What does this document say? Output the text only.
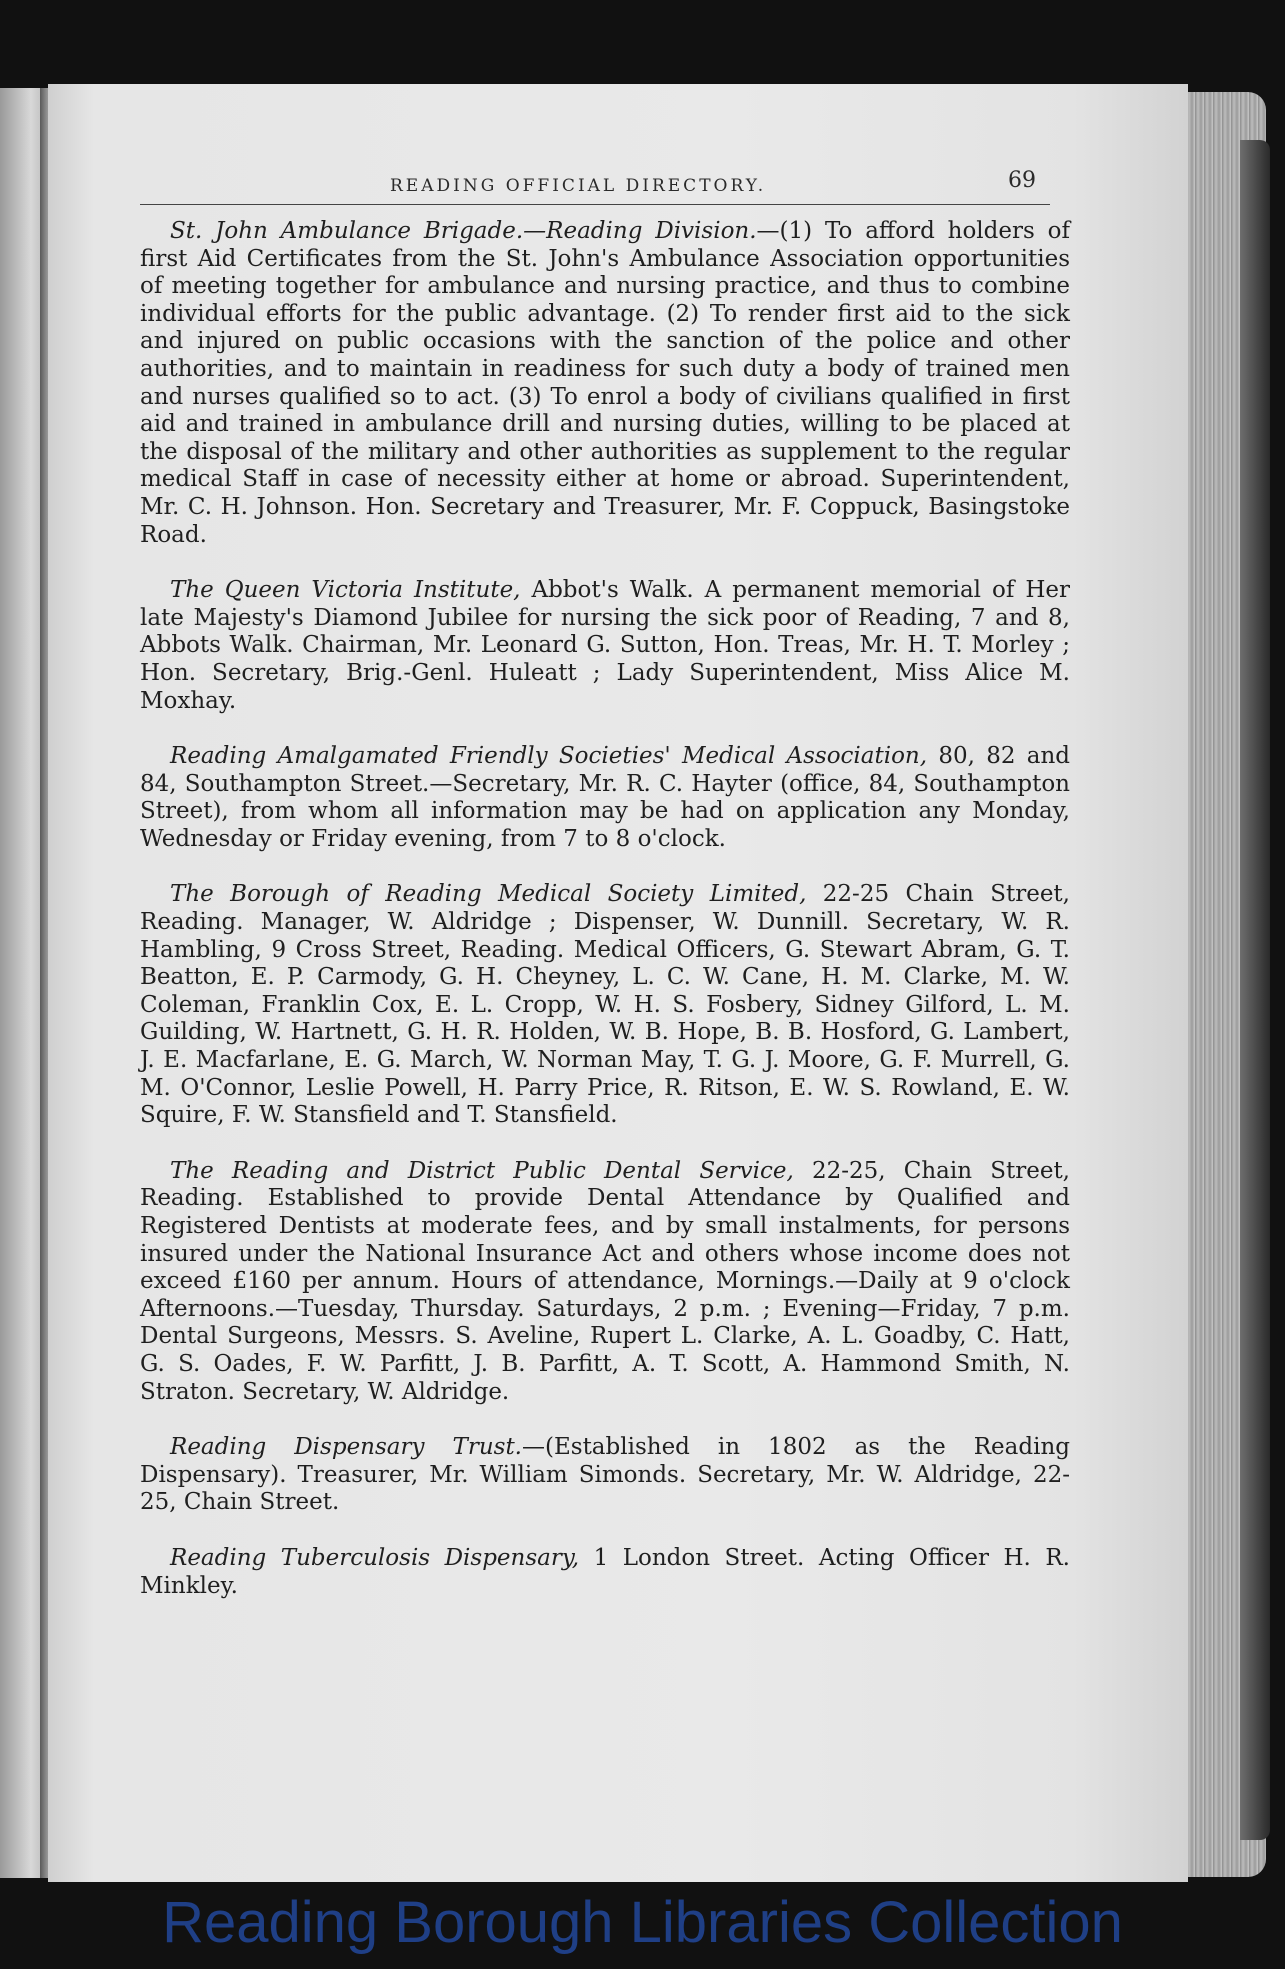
READING OFFICIAL DIRECTORY.	69

St. John Ambulance Brigade.—Reading Division.—(1) To afford holders of first Aid Certificates from the St. John's Ambulance Association opportunities of meeting together for ambulance and nursing practice, and thus to combine individual efforts for the public advantage. (2) To render first aid to the sick and injured on public occasions with the sanction of the police and other authorities, and to maintain in readiness for such duty a body of trained men and nurses qualified so to act. (3) To enrol a body of civilians qualified in first aid and trained in ambulance drill and nursing duties, willing to be placed at the disposal of the military and other authorities as supplement to the regular medical Staff in case of necessity either at home or abroad. Superintendent, Mr. C. H. Johnson. Hon. Secretary and Treasurer, Mr. F. Coppuck, Basingstoke Road.

The Queen Victoria Institute, Abbot's Walk. A permanent memorial of Her late Majesty's Diamond Jubilee for nursing the sick poor of Reading, 7 and 8, Abbots Walk. Chairman, Mr. Leonard G. Sutton, Hon. Treas, Mr. H. T. Morley ; Hon. Secretary, Brig.-Genl. Huleatt ; Lady Superintendent, Miss Alice M. Moxhay.

Reading Amalgamated Friendly Societies' Medical Association, 80, 82 and 84, Southampton Street.—Secretary, Mr. R. C. Hayter (office, 84, Southampton Street), from whom all information may be had on application any Monday, Wednesday or Friday evening, from 7 to 8 o'clock.

The Borough of Reading Medical Society Limited, 22-25 Chain Street, Reading. Manager, W. Aldridge ; Dispenser, W. Dunnill. Secretary, W. R. Hambling, 9 Cross Street, Reading. Medical Officers, G. Stewart Abram, G. T. Beatton, E. P. Carmody, G. H. Cheyney, L. C. W. Cane, H. M. Clarke, M. W. Coleman, Franklin Cox, E. L. Cropp, W. H. S. Fosbery, Sidney Gilford, L. M. Guilding, W. Hartnett, G. H. R. Holden, W. B. Hope, B. B. Hosford, G. Lambert, J. E. Macfarlane, E. G. March, W. Norman May, T. G. J. Moore, G. F. Murrell, G. M. O'Connor, Leslie Powell, H. Parry Price, R. Ritson, E. W. S. Rowland, E. W. Squire, F. W. Stansfield and T. Stansfield.

The Reading and District Public Dental Service, 22-25, Chain Street, Reading. Established to provide Dental Attendance by Qualified and Registered Dentists at moderate fees, and by small instalments, for persons insured under the National Insurance Act and others whose income does not exceed £160 per annum. Hours of attendance, Mornings.—Daily at 9 o'clock Afternoons.—Tuesday, Thursday. Saturdays, 2 p.m. ; Evening—Friday, 7 p.m. Dental Surgeons, Messrs. S. Aveline, Rupert L. Clarke, A. L. Goadby, C. Hatt, G. S. Oades, F. W. Parfitt, J. B. Parfitt, A. T. Scott, A. Hammond Smith, N. Straton. Secretary, W. Aldridge.

Reading Dispensary Trust.—(Established in 1802 as the Reading Dispensary). Treasurer, Mr. William Simonds. Secretary, Mr. W. Aldridge, 22-25, Chain Street.

Reading Tuberculosis Dispensary, 1 London Street. Acting Officer H. R. Minkley.

Reading Borough Libraries Collection
